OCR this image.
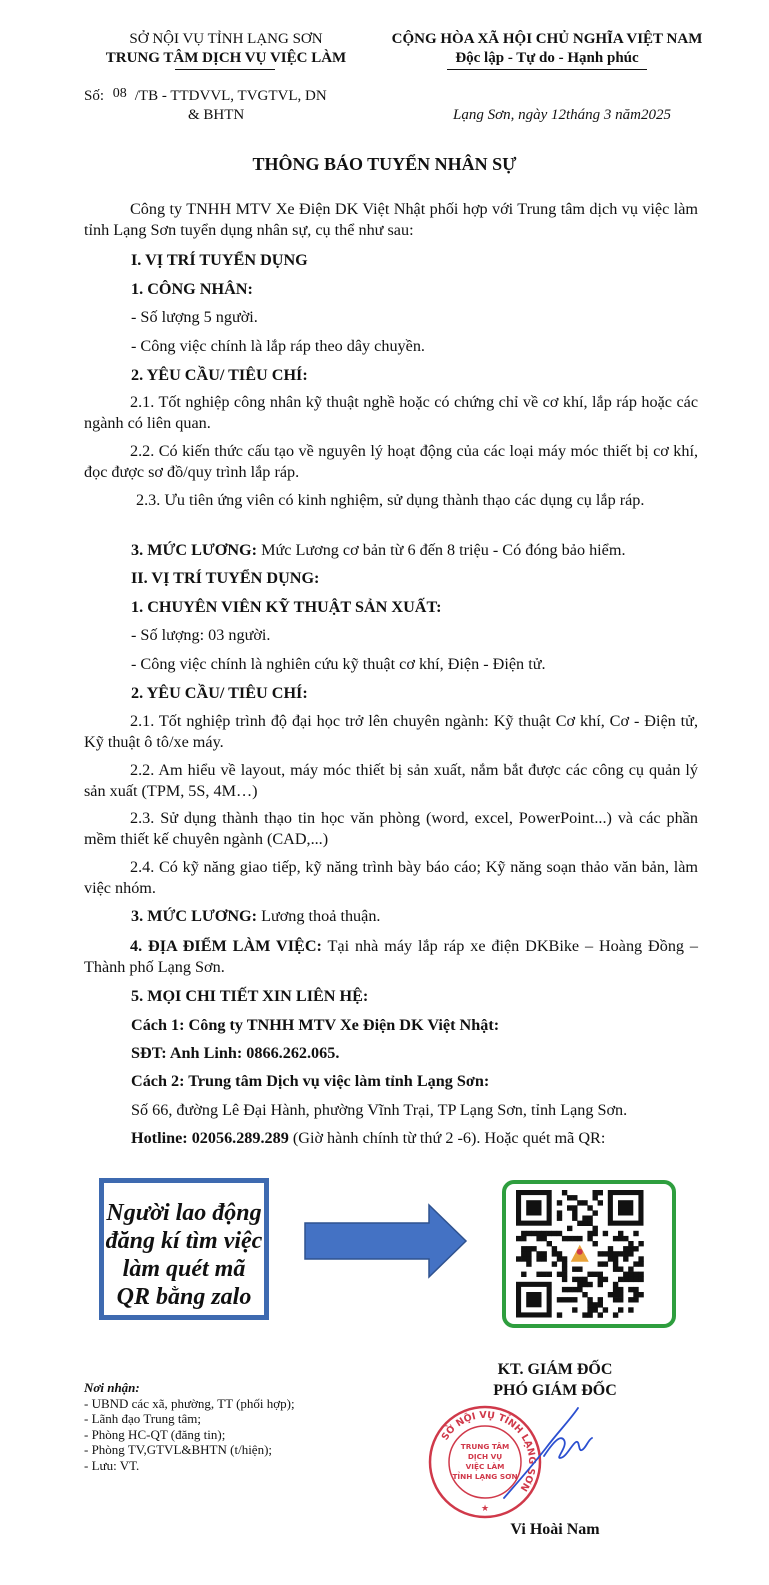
SỞ NỘI VỤ TỈNH LẠNG SƠN
TRUNG TÂM DỊCH VỤ VIỆC LÀM
CỘNG HÒA XÃ HỘI CHỦ NGHĨA VIỆT NAM
Độc lập - Tự do - Hạnh phúc
Số: 08 /TB - TTDVVL, TVGTVL, DN
& BHTN	Lạng Sơn, ngày 12tháng 3 năm2025
THÔNG BÁO TUYỂN NHÂN SỰ
Công ty TNHH MTV Xe Điện DK Việt Nhật phối hợp với Trung tâm dịch vụ việc làm tỉnh Lạng Sơn tuyển dụng nhân sự, cụ thể như sau:
I. VỊ TRÍ TUYỂN DỤNG
1. CÔNG NHÂN:
- Số lượng 5 người.
- Công việc chính là lắp ráp theo dây chuyền.
2. YÊU CẦU/ TIÊU CHÍ:
2.1. Tốt nghiệp công nhân kỹ thuật nghề hoặc có chứng chỉ về cơ khí, lắp ráp hoặc các ngành có liên quan.
2.2. Có kiến thức cấu tạo về nguyên lý hoạt động của các loại máy móc thiết bị cơ khí, đọc được sơ đồ/quy trình lắp ráp.
2.3. Ưu tiên ứng viên có kinh nghiệm, sử dụng thành thạo các dụng cụ lắp ráp.
3. MỨC LƯƠNG: Mức Lương cơ bản từ 6 đến 8 triệu - Có đóng bảo hiểm.
II. VỊ TRÍ TUYỂN DỤNG:
1. CHUYÊN VIÊN KỸ THUẬT SẢN XUẤT:
- Số lượng: 03 người.
- Công việc chính là nghiên cứu kỹ thuật cơ khí, Điện - Điện tử.
2. YÊU CẦU/ TIÊU CHÍ:
2.1. Tốt nghiệp trình độ đại học trở lên chuyên ngành: Kỹ thuật Cơ khí, Cơ - Điện tử, Kỹ thuật ô tô/xe máy.
2.2. Am hiểu về layout, máy móc thiết bị sản xuất, nắm bắt được các công cụ quản lý sản xuất (TPM, 5S, 4M…)
2.3. Sử dụng thành thạo tin học văn phòng (word, excel, PowerPoint...) và các phần mềm thiết kế chuyên ngành (CAD,...)
2.4. Có kỹ năng giao tiếp, kỹ năng trình bày báo cáo; Kỹ năng soạn thảo văn bản, làm việc nhóm.
3. MỨC LƯƠNG: Lương thoả thuận.
4. ĐỊA ĐIỂM LÀM VIỆC: Tại nhà máy lắp ráp xe điện DKBike – Hoàng Đồng – Thành phố Lạng Sơn.
5. MỌI CHI TIẾT XIN LIÊN HỆ:
Cách 1: Công ty TNHH MTV Xe Điện DK Việt Nhật:
SĐT: Anh Linh: 0866.262.065.
Cách 2: Trung tâm Dịch vụ việc làm tỉnh Lạng Sơn:
Số 66, đường Lê Đại Hành, phường Vĩnh Trại, TP Lạng Sơn, tỉnh Lạng Sơn.
Hotline: 02056.289.289 (Giờ hành chính từ thứ 2 -6). Hoặc quét mã QR:
Người lao động đăng kí tìm việc làm quét mã QR bằng zalo
Nơi nhận:
- UBND các xã, phường, TT (phối hợp);
- Lãnh đạo Trung tâm;
- Phòng HC-QT (đăng tin);
- Phòng TV,GTVL&BHTN (t/hiện);
- Lưu: VT.
KT. GIÁM ĐỐC
PHÓ GIÁM ĐỐC
SỞ NỘI VỤ TỈNH LẠNG SƠN
TRUNG TÂM DỊCH VỤ VIỆC LÀM TỈNH LẠNG SƠN
★
Vi Hoài Nam
